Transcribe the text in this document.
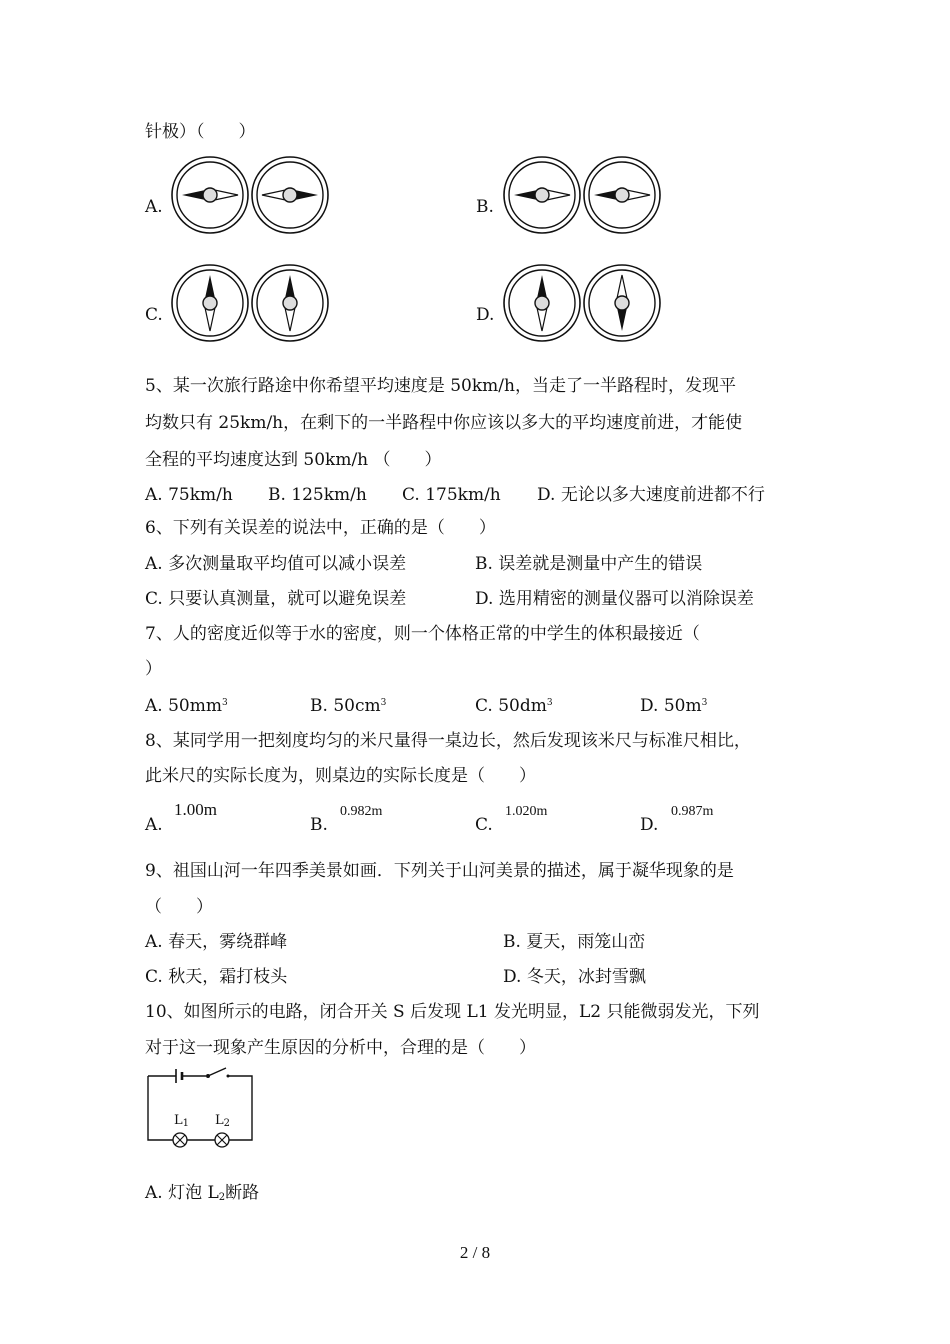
针极）（　　）
A.	B.
C.	D.
5、某一次旅行路途中你希望平均速度是 50km/h，当走了一半路程时，发现平
均数只有 25km/h，在剩下的一半路程中你应该以多大的平均速度前进，才能使
全程的平均速度达到 50km/h （　　）
A. 75km/h B. 125km/h C. 175km/h D. 无论以多大速度前进都不行
6、下列有关误差的说法中，正确的是（　　）
A. 多次测量取平均值可以减小误差	B. 误差就是测量中产生的错误
C. 只要认真测量，就可以避免误差	D. 选用精密的测量仪器可以消除误差
7、人的密度近似等于水的密度，则一个体格正常的中学生的体积最接近（
）
A. $50mm^3$	B. $50cm^3$	C. $50dm^3$	D. $50m^3$
8、某同学用一把刻度均匀的米尺量得一桌边长，然后发现该米尺与标准尺相比，
此米尺的实际长度为，则桌边的实际长度是（　　）
A.
1.00m
B.
0.982m
C.
1.020m
D.
0.987m
9、祖国山河一年四季美景如画．下列关于山河美景的描述，属于凝华现象的是
（　　）
A. 春天，雾绕群峰	B. 夏天，雨笼山峦
C. 秋天，霜打枝头	D. 冬天，冰封雪飘
10、如图所示的电路，闭合开关 S 后发现 L1 发光明显，L2 只能微弱发光，下列
对于这一现象产生原因的分析中，合理的是（　　）
$L_1$ $L_2$
A. 灯泡 $L_2$断路
2 / 8
